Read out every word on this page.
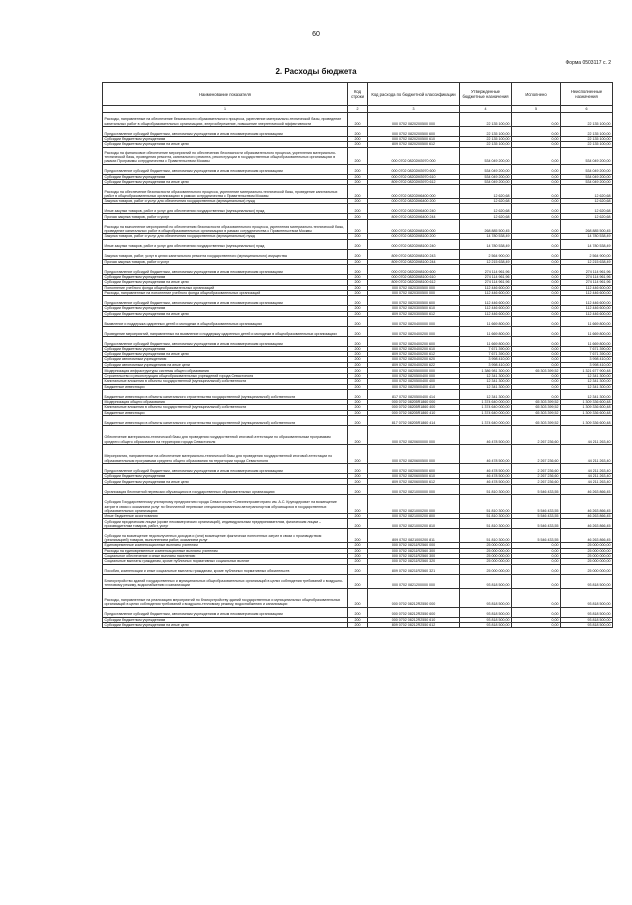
60
Форма 0503117 с. 2
2. Расходы бюджета
Наименование показателя	Код строки	Код расхода по бюджетной классификации	Утвержденные бюджетные назначения	Исполнено	Неисполненные назначения
1	2	3	4	5	6
Расходы, направленные на обеспечение безопасности образовательного процесса, укрепление материально-технической базы, проведение капитальных работ в общеобразовательных организациях, энергосбережение, повышение энергетической эффективности	200	000 0702 0820200500 000	22 135 100,00	0,00	22 135 100,00
Предоставление субсидий бюджетным, автономным учреждениям и иным некоммерческим организациям	200	000 0702 0820200500 600	22 135 100,00	0,00	22 135 100,00
Субсидии бюджетным учреждениям	200	000 0702 0820200500 610	22 135 100,00	0,00	22 135 100,00
Субсидии бюджетным учреждениям на иные цели	200	809 0702 0820200500 612	22 135 100,00	0,00	22 135 100,00
Расходы на финансовое обеспечение мероприятий по обеспечению безопасности образовательного процесса, укрепления материально-технической базы, проведения ремонта, капитального ремонта, реконструкции в государственных общеобразовательных организациях в рамках Программы сотрудничества с Правительством Москвы	200	000 0702 08202М3970 000	534 049 200,00	0,00	534 049 200,00
Предоставление субсидий бюджетным, автономным учреждениям и иным некоммерческим организациям	200	000 0702 08202М3970 600	534 049 200,00	0,00	534 049 200,00
Субсидии бюджетным учреждениям	200	000 0702 08202М3970 610	534 049 200,00	0,00	534 049 200,00
Субсидии бюджетным учреждениям на иные цели	200	809 0702 08202М3970 612	534 049 200,00	0,00	534 049 200,00
Расходы на обеспечение безопасности образовательного процесса, укрепление материально-технической базы, проведение капитальных работ в общеобразовательных организациях в рамках сотрудничества с Правительством Москвы	200	000 0702 08202М6400 000	12 620,68	0,00	12 620,68
Закупка товаров, работ и услуг для обеспечения государственных (муниципальных) нужд	200	000 0702 08202М6400 200	12 620,68	0,00	12 620,68
Иные закупки товаров, работ и услуг для обеспечения государственных (муниципальных) нужд	200	000 0702 08202М6400 240	12 620,68	0,00	12 620,68
Прочая закупка товаров, работ и услуг	200	809 0702 08202М6400 244	12 620,68	0,00	12 620,68
Расходы на выполнение мероприятий по обеспечению безопасности образовательного процесса, укрепления материально-технической базы, проведение капитальных работ в общеобразовательных организациях в рамках сотрудничества с Правительством Москвы	200	000 0702 08202М8100 000	268 885 500,45	0,00	268 885 500,45
Закупка товаров, работ и услуг для обеспечения государственных (муниципальных) нужд	200	000 0702 08202М8100 200	14 780 538,49	0,00	14 780 538,49
Иные закупки товаров, работ и услуг для обеспечения государственных (муниципальных) нужд	200	000 0702 08202М8100 240	14 780 538,49	0,00	14 780 538,49
Закупка товаров, работ, услуг в целях капитального ремонта государственного (муниципального) имущества	200	809 0702 08202М8100 243	2 564 900,00	0,00	2 564 900,00
Прочая закупка товаров, работ и услуг	200	809 0702 08202М8100 244	12 215 638,49	0,00	12 215 638,49
Предоставление субсидий бюджетным, автономным учреждениям и иным некоммерческим организациям	200	000 0702 08202М8100 600	274 114 961,96	0,00	274 114 961,96
Субсидии бюджетным учреждениям	200	000 0702 08202М8100 610	274 114 961,96	0,00	274 114 961,96
Субсидии бюджетным учреждениям на иные цели	200	809 0702 08202М8100 612	274 114 961,96	0,00	274 114 961,96
Пополнение учебного фонда общеобразовательных организаций	200	000 0702 0820300500 000	112 446 600,00	0,00	112 446 600,00
Расходы, направленные на пополнение учебного фонда общеобразовательных организаций	200	000 0702 0820300500 000	112 446 600,00	0,00	112 446 600,00
Предоставление субсидий бюджетным, автономным учреждениям и иным некоммерческим организациям	200	000 0702 0820300500 600	112 446 600,00	0,00	112 446 600,00
Субсидии бюджетным учреждениям	200	000 0702 0820300500 610	112 446 600,00	0,00	112 446 600,00
Субсидии бюджетным учреждениям на иные цели	200	809 0702 0820300500 612	112 446 600,00	0,00	112 446 600,00
Выявление и поддержка одаренных детей и молодежи в общеобразовательных организациях	200	000 0702 0820400000 000	11 669 800,00	0,00	11 669 800,00
Проведение мероприятий, направленных на выявление и поддержку одаренных детей и молодежи в общеобразовательных организациях	200	000 0702 0820400200 000	11 669 800,00	0,00	11 669 800,00
Предоставление субсидий бюджетным, автономным учреждениям и иным некоммерческим организациям	200	000 0702 0820400200 600	11 669 800,00	0,00	11 669 800,00
Субсидии бюджетным учреждениям	200	000 0702 0820400200 610	7 671 390,00	0,00	7 671 390,00
Субсидии бюджетным учреждениям на иные цели	200	809 0702 0820400200 612	7 671 390,00	0,00	7 671 390,00
Субсидии автономным учреждениям	200	000 0702 0820400200 620	3 998 410,00	0,00	3 998 410,00
Субсидии автономным учреждениям на иные цели	200	809 0702 0820400200 622	3 998 410,00	0,00	3 998 410,00
Модернизация инфраструктуры системы общего образования	200	000 0702 0820500000 000	1 386 981 300,00	65 303 399,52	1 321 677 900,48
Строительство и реконструкция общеобразовательных учреждений города Севастополя	200	000 0702 0820500400 000	12 341 300,00	0,00	12 341 300,00
Капитальные вложения в объекты государственной (муниципальной) собственности	200	000 0702 0820500400 400	12 341 300,00	0,00	12 341 300,00
Бюджетные инвестиции	200	000 0702 0820500400 410	12 341 300,00	0,00	12 341 300,00
Бюджетные инвестиции в объекты капитального строительства государственной (муниципальной) собственности	200	817 0702 0820500400 414	12 341 300,00	0,00	12 341 300,00
Модернизация общего образования	200	000 0702 08205R1860 000	1 374 640 000,00	65 303 399,52	1 309 336 600,48
Капитальные вложения в объекты государственной (муниципальной) собственности	200	000 0702 08205R1860 400	1 374 640 000,00	65 303 399,52	1 309 336 600,48
Бюджетные инвестиции	200	000 0702 08205R1860 410	1 374 640 000,00	65 303 399,52	1 309 336 600,48
Бюджетные инвестиции в объекты капитального строительства государственной (муниципальной) собственности	200	817 0702 08205R1860 414	1 374 640 000,00	65 303 399,52	1 309 336 600,48
Обеспечение материально-технической базы для проведения государственной итоговой аттестации по образовательным программам среднего общего образования на территории города Севастополя	200	000 0702 0820600000 000	46 478 500,00	2 267 236,60	44 211 263,40
Мероприятия, направленные на обеспечение материально-технической базы для проведения государственной итоговой аттестации по образовательным программам среднего общего образования на территории города Севастополя	200	000 0702 0820600500 000	46 478 500,00	2 267 236,60	44 211 263,40
Предоставление субсидий бюджетным, автономным учреждениям и иным некоммерческим организациям	200	000 0702 0820600500 600	46 478 500,00	2 267 236,60	44 211 263,40
Субсидии бюджетным учреждениям	200	000 0702 0820600500 610	46 478 500,00	2 267 236,60	44 211 263,40
Субсидии бюджетным учреждениям на иные цели	200	809 0702 0820600500 612	46 478 500,00	2 267 236,60	44 211 263,40
Организация бесплатной перевозки обучающихся в государственных образовательных организациях	200	000 0702 0821000000 000	51 810 300,00	5 546 433,55	46 263 866,45
Субсидия Государственному унитарному предприятию города Севастополя «Севэлектроавтотранс им. А.С. Круподерова» на возмещение затрат в связи с оказанием услуг по бесплатной перевозке специализированным автотранспортом обучающихся в государственных образовательных организациях	200	000 0702 0821000200 000	51 810 300,00	5 546 433,55	46 263 866,45
Иные бюджетные ассигнования	200	000 0702 0821000200 800	51 810 300,00	5 546 433,55	46 263 866,45
Субсидии юридическим лицам (кроме некоммерческих организаций), индивидуальным предпринимателям, физическим лицам – производителям товаров, работ, услуг	200	000 0702 0821000200 810	51 810 300,00	5 546 433,55	46 263 866,45
Субсидии на возмещение недополученных доходов и (или) возмещение фактически понесенных затрат в связи с производством (реализацией) товаров, выполнением работ, оказанием услуг	200	809 0702 0821000200 811	51 810 300,00	5 546 433,55	46 263 866,45
Единовременные компенсационные выплаты учителям	200	000 0702 08211R2560 000	25 000 000,00	0,00	25 000 000,00
Расходы на единовременные компенсационные выплаты учителям	200	000 0702 08211R2560 300	25 000 000,00	0,00	25 000 000,00
Социальное обеспечение и иные выплаты населению	200	000 0702 08211R2560 300	25 000 000,00	0,00	25 000 000,00
Социальные выплаты гражданам, кроме публичных нормативных социальных выплат	200	000 0702 08211R2560 320	25 000 000,00	0,00	25 000 000,00
Пособия, компенсации и иные социальные выплаты гражданам, кроме публичных нормативных обязательств	200	809 0702 08211R2560 321	25 000 000,00	0,00	25 000 000,00
Благоустройство зданий государственных и муниципальных общеобразовательных организаций в целях соблюдения требований к воздушно-тепловому режиму, водоснабжению и канализации	200	000 0702 0821200000 000	93 818 500,00	0,00	93 818 500,00
Расходы, направленные на реализацию мероприятий по благоустройству зданий государственных и муниципальных общеобразовательных организаций в целях соблюдения требований к воздушно-тепловому режиму, водоснабжению и канализации	200	000 0702 08212R2550 000	93 818 500,00	0,00	93 818 500,00
Предоставление субсидий бюджетным, автономным учреждениям и иным некоммерческим организациям	200	000 0702 08212R2550 600	93 818 500,00	0,00	93 818 500,00
Субсидии бюджетным учреждениям	200	000 0702 08212R2550 610	93 818 500,00	0,00	93 818 500,00
Субсидии бюджетным учреждениям на иные цели	200	809 0702 08212R2550 612	93 818 500,00	0,00	93 818 500,00
